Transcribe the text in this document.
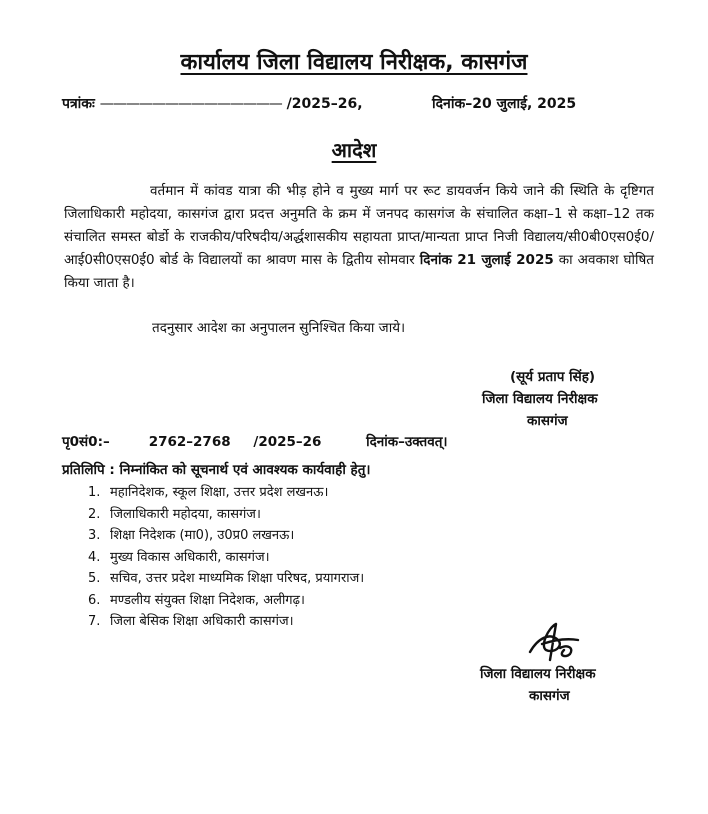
कार्यालय जिला विद्यालय निरीक्षक, कासगंज
पत्रांकः —————————————— /2025–26,	दिनांक–20 जुलाई, 2025
आदेश
वर्तमान में कांवड यात्रा की भीड़ होने व मुख्य मार्ग पर रूट डायवर्जन किये जाने की स्थिति के दृष्टिगत जिलाधिकारी महोदया, कासगंज द्वारा प्रदत्त अनुमति के क्रम में जनपद कासगंज के संचालित कक्षा–1 से कक्षा–12 तक संचालित समस्त बोर्डो के राजकीय/परिषदीय/अर्द्धशासकीय सहायता प्राप्त/मान्यता प्राप्त निजी विद्यालय/सी0बी0एस0ई0/आई0सी0एस0ई0 बोर्ड के विद्यालयों का श्रावण मास के द्वितीय सोमवार दिनांक 21 जुलाई 2025 का अवकाश घोषित किया जाता है।
तदनुसार आदेश का अनुपालन सुनिश्चित किया जाये।
(सूर्य प्रताप सिंह)
जिला विद्यालय निरीक्षक
कासगंज
पृ0सं0:–	2762–2768 /2025–26	दिनांक–उक्तवत्।
प्रतिलिपि : निम्नांकित को सूचनार्थ एवं आवश्यक कार्यवाही हेतु।
1. महानिदेशक, स्कूल शिक्षा, उत्तर प्रदेश लखनऊ।
2. जिलाधिकारी महोदया, कासगंज।
3. शिक्षा निदेशक (मा0), उ0प्र0 लखनऊ।
4. मुख्य विकास अधिकारी, कासगंज।
5. सचिव, उत्तर प्रदेश माध्यमिक शिक्षा परिषद, प्रयागराज।
6. मण्डलीय संयुक्त शिक्षा निदेशक, अलीगढ़।
7. जिला बेसिक शिक्षा अधिकारी कासगंज।
जिला विद्यालय निरीक्षक
कासगंज
